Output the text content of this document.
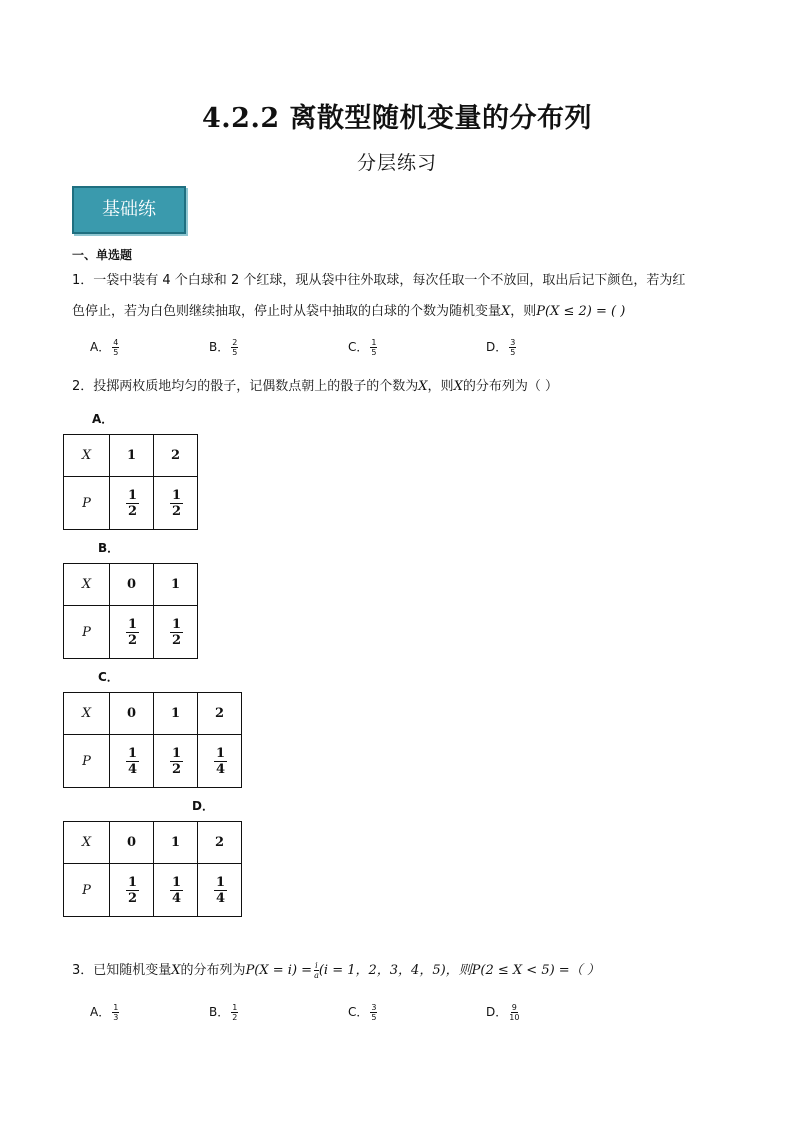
4.2.2 离散型随机变量的分布列
分层练习
基础练
一、单选题
1．一袋中装有 4 个白球和 2 个红球，现从袋中往外取球，每次任取一个不放回，取出后记下颜色，若为红
色停止，若为白色则继续抽取，停止时从袋中抽取的白球的个数为随机变量X，则P(X ≤ 2) = ( )
A． $\frac{4}{5}$	B． $\frac{2}{5}$	C． $\frac{1}{5}$	D． $\frac{3}{5}$
2．投掷两枚质地均匀的骰子，记偶数点朝上的骰子的个数为X，则X的分布列为（ ）
A．
X	1	2
P	$\frac{1}{2}$	$\frac{1}{2}$
B．
X	0	1
P	$\frac{1}{2}$	$\frac{1}{2}$
C．
X	0	1	2
P	$\frac{1}{4}$	$\frac{1}{2}$	$\frac{1}{4}$
D．
X	0	1	2
P	$\frac{1}{2}$	$\frac{1}{4}$	$\frac{1}{4}$
3．已知随机变量X的分布列为$P(X = i) = \frac{i}{a} (i = 1$，2，3，4，5)，则P(2 ≤ X < 5) =（ ）
A． $\frac{1}{3}$	B． $\frac{1}{2}$	C． $\frac{3}{5}$	D． $\frac{9}{10}$
